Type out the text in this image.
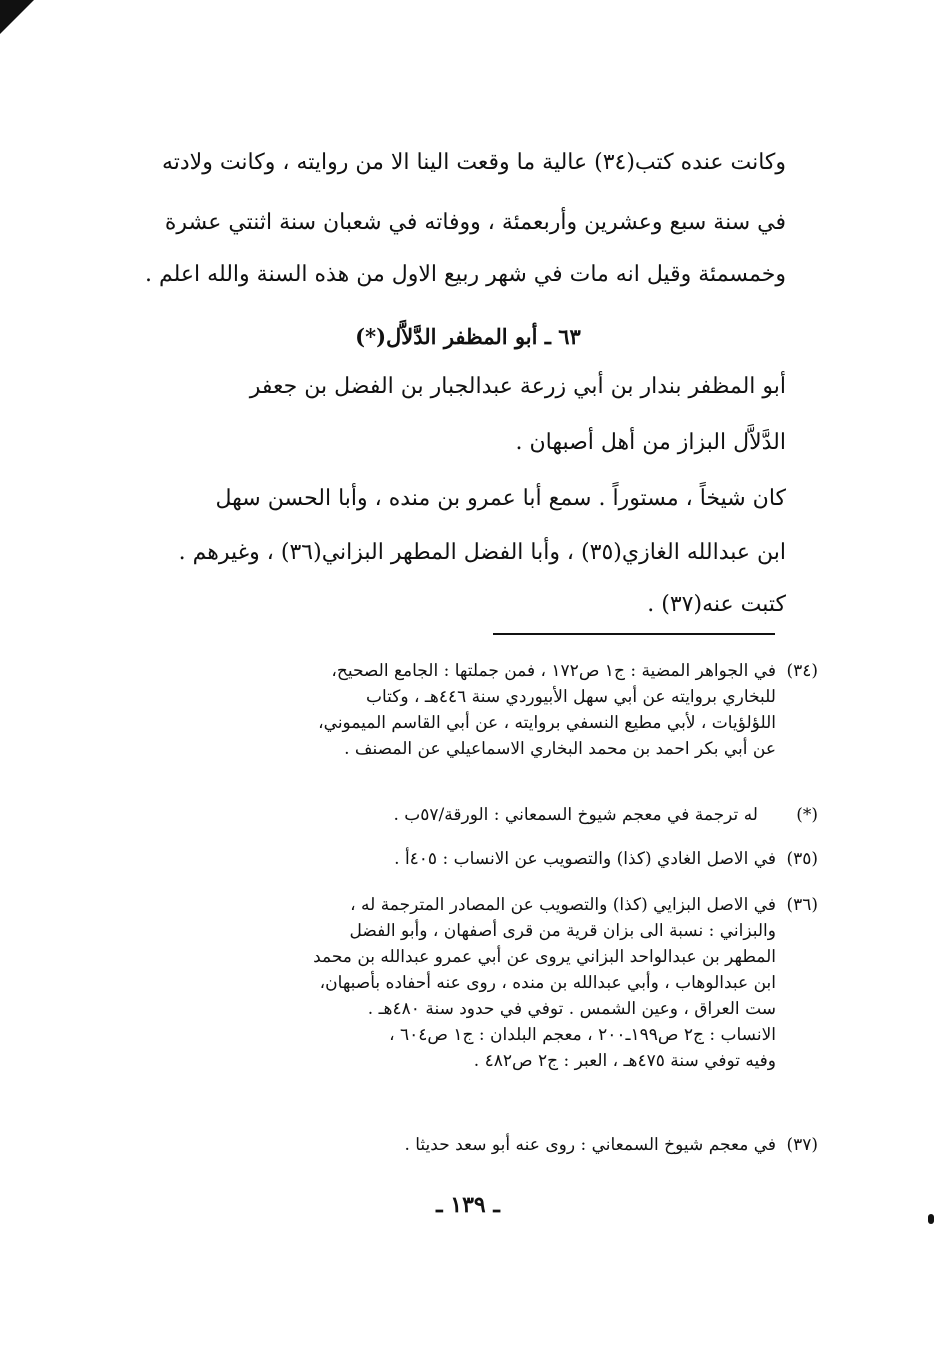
وكانت عنده كتب(٣٤) عالية ما وقعت الينا الا من روايته ، وكانت ولادته
في سنة سبع وعشرين وأربعمئة ، ووفاته في شعبان سنة اثنتي عشرة
وخمسمئة وقيل انه مات في شهر ربيع الاول من هذه السنة والله اعلم .
٦٣ ـ أبو المظفر الدَّلاَّل(*)
أبو المظفر بندار بن أبي زرعة عبدالجبار بن الفضل بن جعفر
الدَّلاَّل البزاز من أهل أصبهان .
كان شيخاً ، مستوراً . سمع أبا عمرو بن منده ، وأبا الحسن سهل
ابن عبدالله الغازي(٣٥) ، وأبا الفضل المطهر البزاني(٣٦) ، وغيرهم .
كتبت عنه(٣٧) .
(٣٤)في الجواهر المضية : ج١ ص١٧٢ ، فمن جملتها : الجامع الصحيح،
للبخاري بروايته عن أبي سهل الأبيوردي سنة ٤٤٦هـ ، وكتاب
اللؤلؤيات ، لأبي مطيع النسفي بروايته ، عن أبي القاسم الميموني،
عن أبي بكر احمد بن محمد البخاري الاسماعيلي عن المصنف .
(*)له ترجمة في معجم شيوخ السمعاني : الورقة/٥٧ب .
(٣٥)في الاصل الغادي (كذا) والتصويب عن الانساب : ٤٠٥أ .
(٣٦)في الاصل البزايي (كذا) والتصويب عن المصادر المترجمة له ،
والبزاني : نسبة الى بزان قرية من قرى أصفهان ، وأبو الفضل
المطهر بن عبدالواحد البزاني يروى عن أبي عمرو عبدالله بن محمد
ابن عبدالوهاب ، وأبي عبدالله بن منده ، روى عنه أحفاده بأصبهان،
ست العراق ، وعين الشمس . توفي في حدود سنة ٤٨٠هـ .
الانساب : ج٢ ص١٩٩ـ٢٠٠ ، معجم البلدان : ج١ ص٦٠٤ ،
وفيه توفي سنة ٤٧٥هـ ، العبر : ج٢ ص٤٨٢ .
(٣٧)في معجم شيوخ السمعاني : روى عنه أبو سعد حديثا .
ـ ١٣٩ ـ
